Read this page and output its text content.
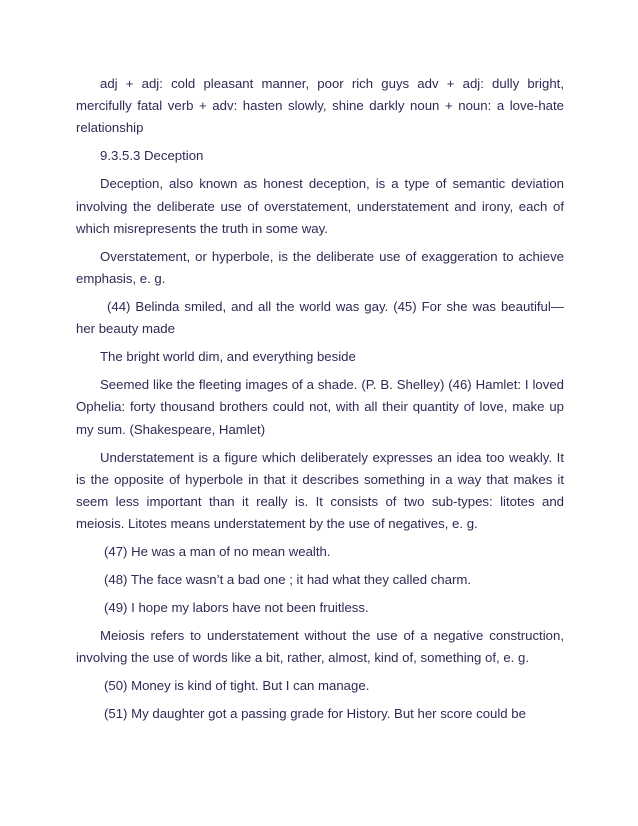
adj + adj: cold pleasant manner, poor rich guys adv + adj: dully bright, mercifully fatal verb + adv: hasten slowly, shine darkly noun + noun: a love-hate relationship

9.3.5.3 Deception

Deception, also known as honest deception, is a type of semantic deviation involving the deliberate use of overstatement, understatement and irony, each of which misrepresents the truth in some way.

Overstatement, or hyperbole, is the deliberate use of exaggeration to achieve emphasis, e. g.

(44) Belinda smiled, and all the world was gay. (45) For she was beautiful—her beauty made

The bright world dim, and everything beside

Seemed like the fleeting images of a shade. (P. B. Shelley) (46) Hamlet: I loved Ophelia: forty thousand brothers could not, with all their quantity of love, make up my sum. (Shakespeare, Hamlet)

Understatement is a figure which deliberately expresses an idea too weakly. It is the opposite of hyperbole in that it describes something in a way that makes it seem less important than it really is. It consists of two sub-types: litotes and meiosis. Litotes means understatement by the use of negatives, e. g.

(47) He was a man of no mean wealth.

(48) The face wasn’t a bad one ; it had what they called charm.

(49) I hope my labors have not been fruitless.

Meiosis refers to understatement without the use of a negative construction, involving the use of words like a bit, rather, almost, kind of, something of, e. g.

(50) Money is kind of tight. But I can manage.

(51) My daughter got a passing grade for History. But her score could be
